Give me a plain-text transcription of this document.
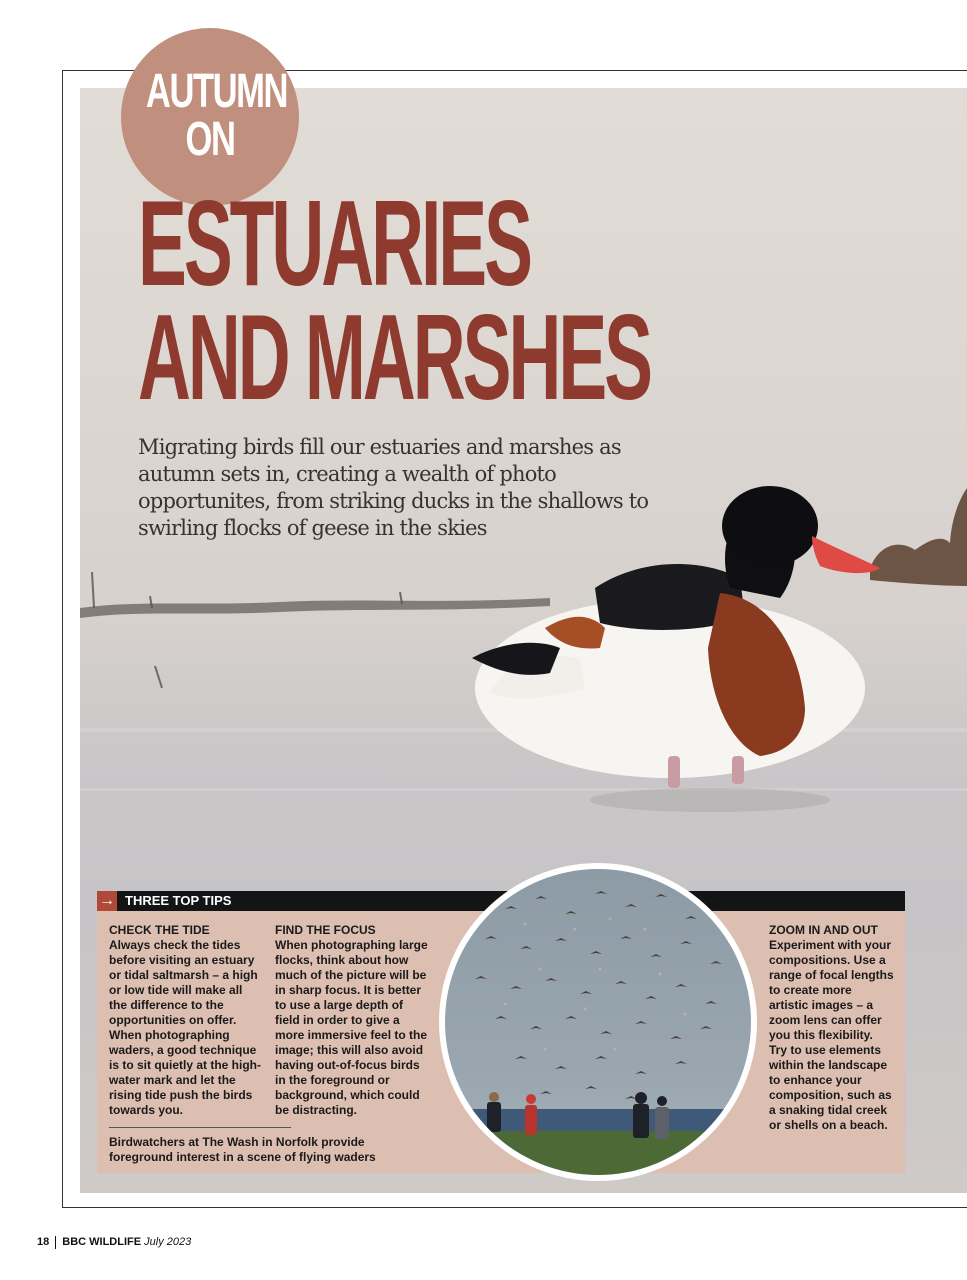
AUTUMN
ON
ESTUARIES
AND MARSHES
Migrating birds fill our estuaries and marshes as autumn sets in, creating a wealth of photo opportunites, from striking ducks in the shallows to swirling flocks of geese in the skies
→ THREE TOP TIPS
CHECK THE TIDE

Always check the tides before visiting an estuary or tidal saltmarsh – a high or low tide will make all the difference to the opportunities on offer. When photographing waders, a good technique is to sit quietly at the high-water mark and let the rising tide push the birds towards you.

FIND THE FOCUS

When photographing large flocks, think about how much of the picture will be in sharp focus. It is better to use a large depth of field in order to give a more immersive feel to the image; this will also avoid having out-of-focus birds in the foreground or background, which could be distracting.

ZOOM IN AND OUT

Experiment with your compositions. Use a range of focal lengths to create more artistic images – a zoom lens can offer you this flexibility. Try to use elements within the landscape to enhance your composition, such as a snaking tidal creek or shells on a beach.

Birdwatchers at The Wash in Norfolk provide foreground interest in a scene of flying waders
18 BBC WILDLIFE July 2023
